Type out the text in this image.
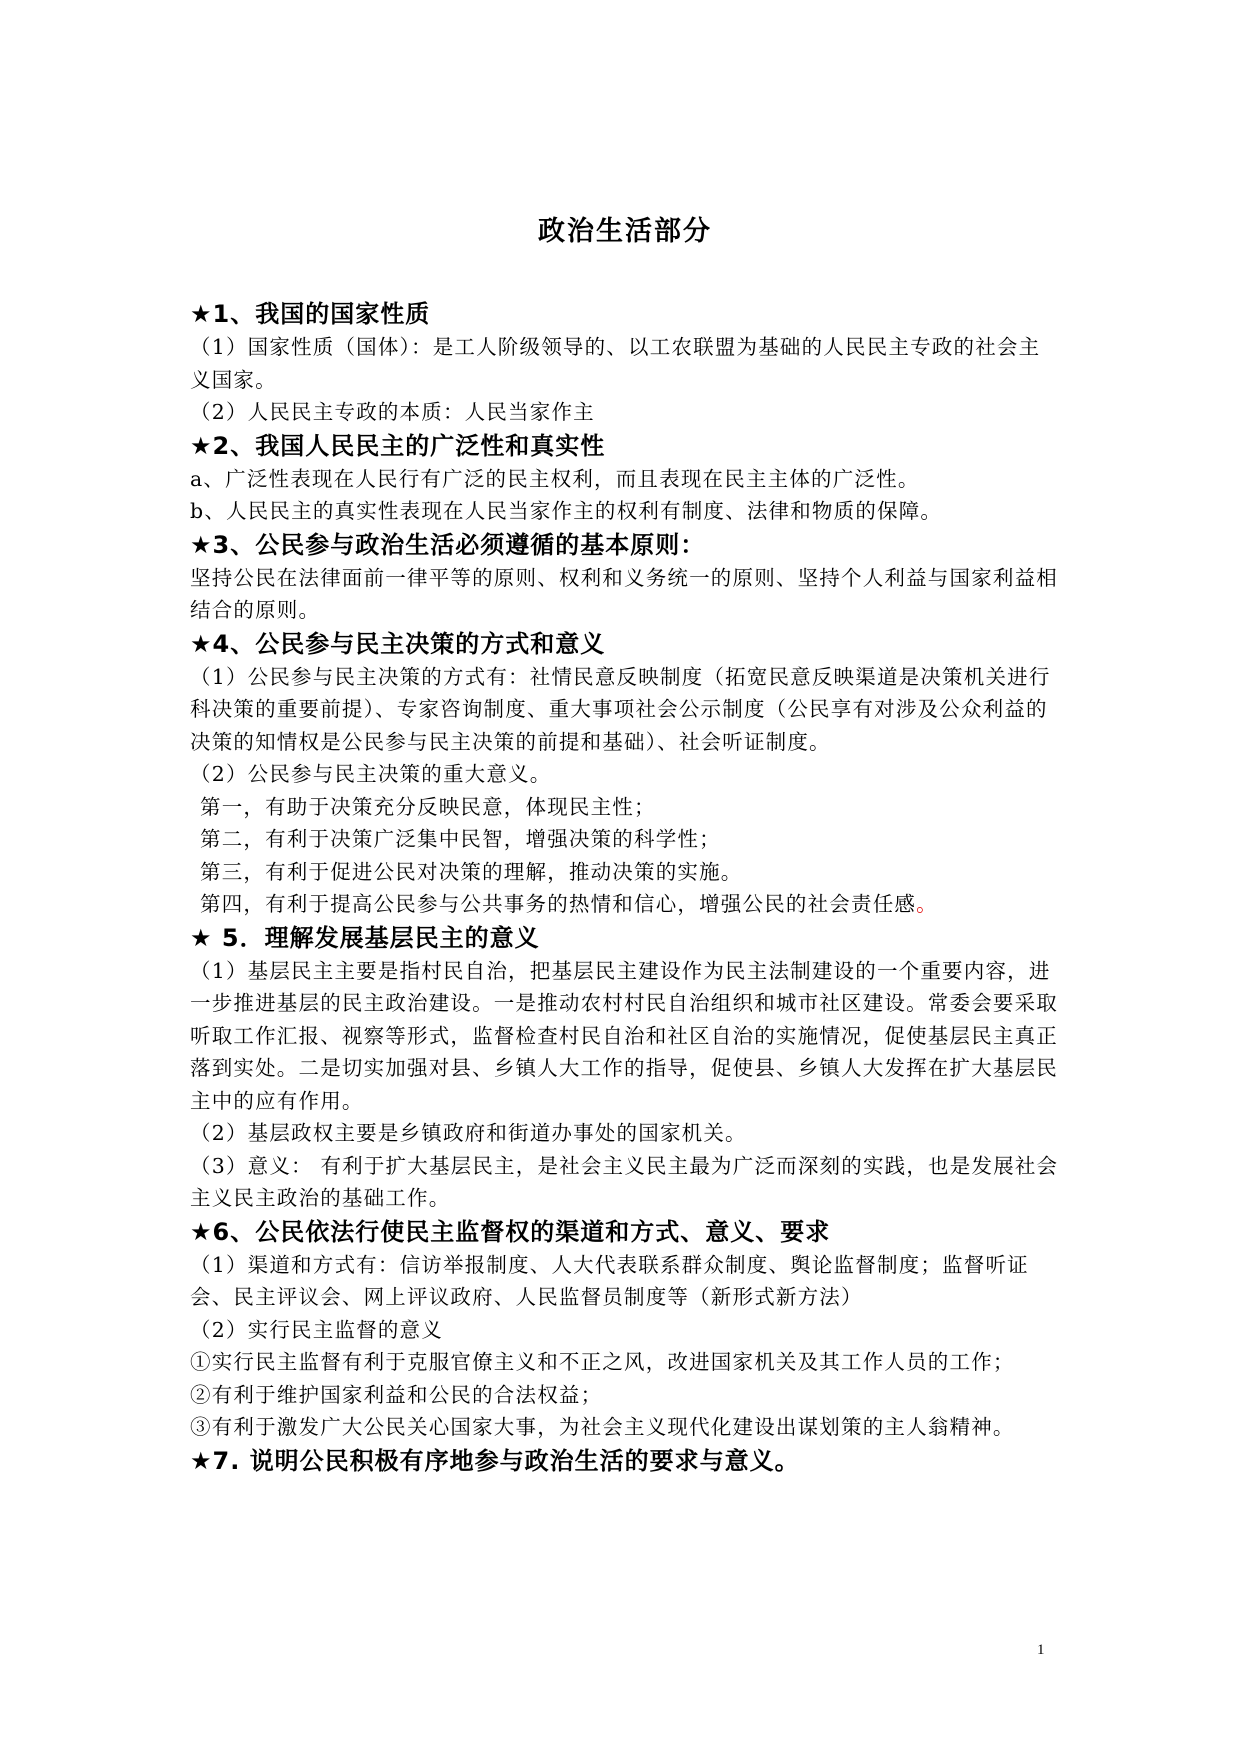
政治生活部分
★1、我国的国家性质
（1）国家性质（国体）：是工人阶级领导的、以工农联盟为基础的人民民主专政的社会主义国家。
（2）人民民主专政的本质：人民当家作主
★2、我国人民民主的广泛性和真实性
a、广泛性表现在人民行有广泛的民主权利，而且表现在民主主体的广泛性。
b、人民民主的真实性表现在人民当家作主的权利有制度、法律和物质的保障。
★3、公民参与政治生活必须遵循的基本原则：
坚持公民在法律面前一律平等的原则、权利和义务统一的原则、坚持个人利益与国家利益相结合的原则。
★4、公民参与民主决策的方式和意义
（1）公民参与民主决策的方式有：社情民意反映制度（拓宽民意反映渠道是决策机关进行科决策的重要前提）、专家咨询制度、重大事项社会公示制度（公民享有对涉及公众利益的决策的知情权是公民参与民主决策的前提和基础）、社会听证制度。
（2）公民参与民主决策的重大意义。
第一，有助于决策充分反映民意，体现民主性；
第二，有利于决策广泛集中民智，增强决策的科学性；
第三，有利于促进公民对决策的理解，推动决策的实施。
第四，有利于提高公民参与公共事务的热情和信心，增强公民的社会责任感。
★ 5．理解发展基层民主的意义
（1）基层民主主要是指村民自治，把基层民主建设作为民主法制建设的一个重要内容，进一步推进基层的民主政治建设。一是推动农村村民自治组织和城市社区建设。常委会要采取听取工作汇报、视察等形式，监督检查村民自治和社区自治的实施情况，促使基层民主真正落到实处。二是切实加强对县、乡镇人大工作的指导，促使县、乡镇人大发挥在扩大基层民主中的应有作用。
（2）基层政权主要是乡镇政府和街道办事处的国家机关。
（3）意义： 有利于扩大基层民主，是社会主义民主最为广泛而深刻的实践，也是发展社会主义民主政治的基础工作。
★6、公民依法行使民主监督权的渠道和方式、意义、要求
（1）渠道和方式有：信访举报制度、人大代表联系群众制度、舆论监督制度；监督听证会、民主评议会、网上评议政府、人民监督员制度等（新形式新方法）
（2）实行民主监督的意义
①实行民主监督有利于克服官僚主义和不正之风，改进国家机关及其工作人员的工作；
②有利于维护国家利益和公民的合法权益；
③有利于激发广大公民关心国家大事，为社会主义现代化建设出谋划策的主人翁精神。
★7. 说明公民积极有序地参与政治生活的要求与意义。
1
